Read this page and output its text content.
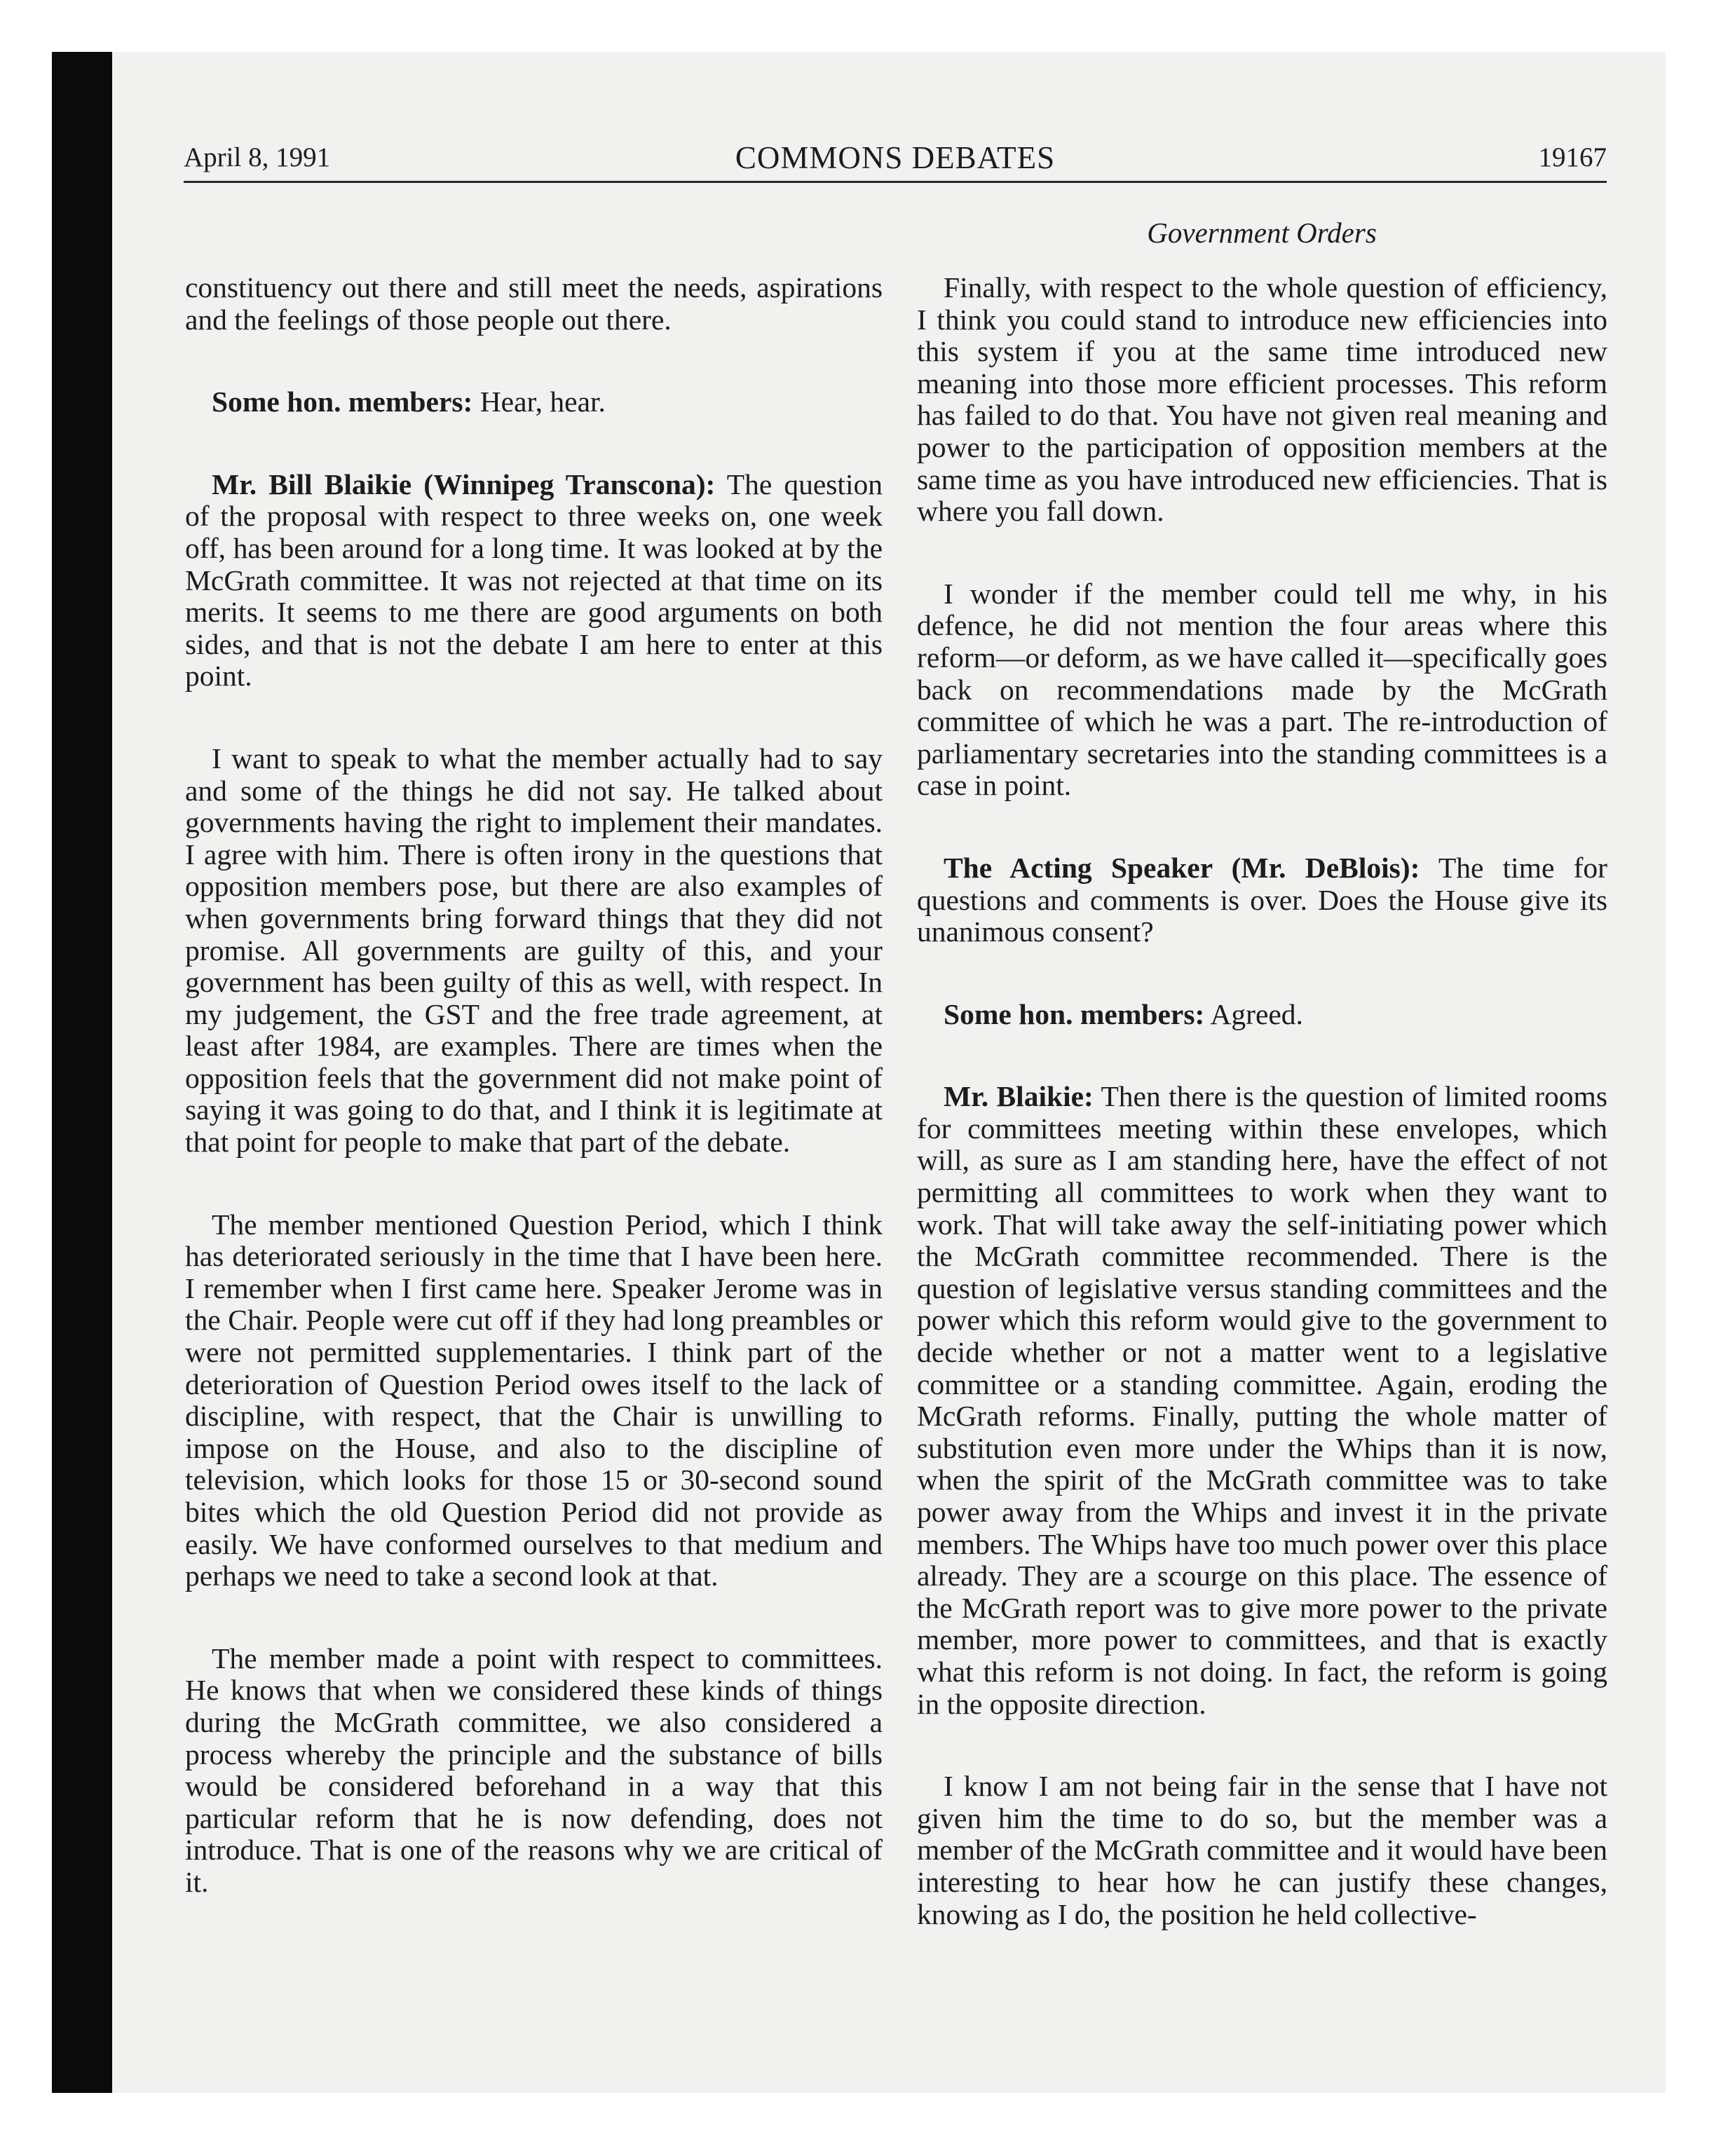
April 8, 1991	COMMONS DEBATES	19167
Government Orders

constituency out there and still meet the needs, aspirations and the feelings of those people out there.

Some hon. members: Hear, hear.

Mr. Bill Blaikie (Winnipeg Transcona): The question of the proposal with respect to three weeks on, one week off, has been around for a long time. It was looked at by the McGrath committee. It was not rejected at that time on its merits. It seems to me there are good arguments on both sides, and that is not the debate I am here to enter at this point.

I want to speak to what the member actually had to say and some of the things he did not say. He talked about governments having the right to implement their mandates. I agree with him. There is often irony in the questions that opposition members pose, but there are also examples of when governments bring forward things that they did not promise. All governments are guilty of this, and your government has been guilty of this as well, with respect. In my judgement, the GST and the free trade agreement, at least after 1984, are examples. There are times when the opposition feels that the government did not make point of saying it was going to do that, and I think it is legitimate at that point for people to make that part of the debate.

The member mentioned Question Period, which I think has deteriorated seriously in the time that I have been here. I remember when I first came here. Speaker Jerome was in the Chair. People were cut off if they had long preambles or were not permitted supplementaries. I think part of the deterioration of Question Period owes itself to the lack of discipline, with respect, that the Chair is unwilling to impose on the House, and also to the discipline of television, which looks for those 15 or 30-second sound bites which the old Question Period did not provide as easily. We have conformed ourselves to that medium and perhaps we need to take a second look at that.

The member made a point with respect to committees. He knows that when we considered these kinds of things during the McGrath committee, we also considered a process whereby the principle and the substance of bills would be considered beforehand in a way that this particular reform that he is now defending, does not introduce. That is one of the reasons why we are critical of it.

Finally, with respect to the whole question of efficiency, I think you could stand to introduce new efficiencies into this system if you at the same time introduced new meaning into those more efficient processes. This reform has failed to do that. You have not given real meaning and power to the participation of opposition members at the same time as you have introduced new efficiencies. That is where you fall down.

I wonder if the member could tell me why, in his defence, he did not mention the four areas where this reform—or deform, as we have called it—specifically goes back on recommendations made by the McGrath committee of which he was a part. The re-introduction of parliamentary secretaries into the standing committees is a case in point.

The Acting Speaker (Mr. DeBlois): The time for questions and comments is over. Does the House give its unanimous consent?

Some hon. members: Agreed.

Mr. Blaikie: Then there is the question of limited rooms for committees meeting within these envelopes, which will, as sure as I am standing here, have the effect of not permitting all committees to work when they want to work. That will take away the self-initiating power which the McGrath committee recommended. There is the question of legislative versus standing committees and the power which this reform would give to the government to decide whether or not a matter went to a legislative committee or a standing committee. Again, eroding the McGrath reforms. Finally, putting the whole matter of substitution even more under the Whips than it is now, when the spirit of the McGrath committee was to take power away from the Whips and invest it in the private members. The Whips have too much power over this place already. They are a scourge on this place. The essence of the McGrath report was to give more power to the private member, more power to committees, and that is exactly what this reform is not doing. In fact, the reform is going in the opposite direction.

I know I am not being fair in the sense that I have not given him the time to do so, but the member was a member of the McGrath committee and it would have been interesting to hear how he can justify these changes, knowing as I do, the position he held collective-
